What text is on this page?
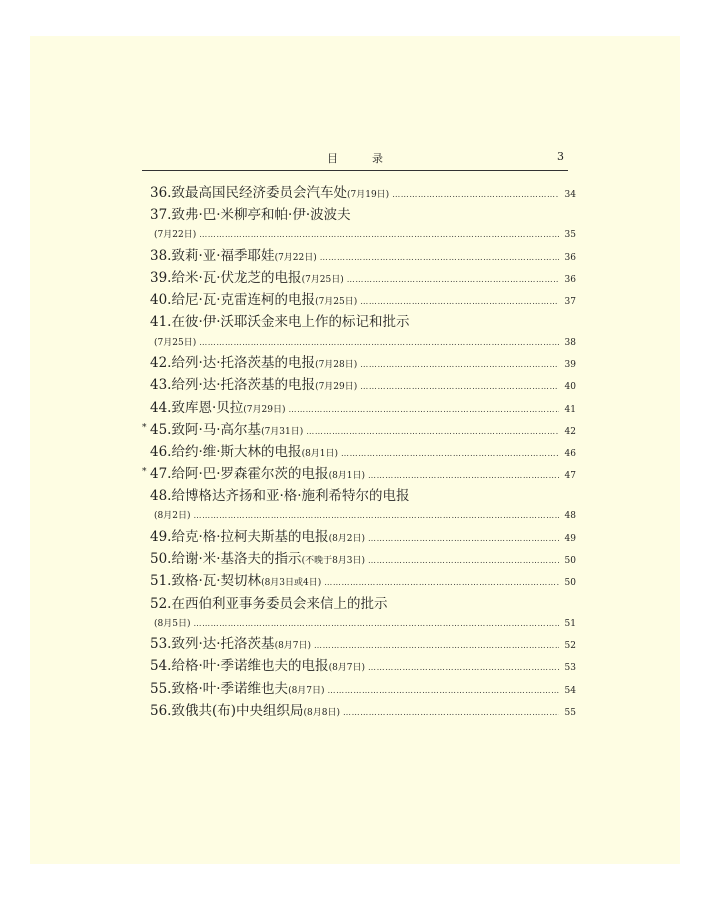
目录	3
36.致最高国民经济委员会汽车处 (7月19日) …………………………………………………………………………………………………………………………………………………………	34
37.致弗·巴·米柳亭和帕·伊·波波夫
(7月22日) …………………………………………………………………………………………………………………………………………………………	35
38.致莉·亚·福季耶娃 (7月22日) …………………………………………………………………………………………………………………………………………………………	36
39.给米·瓦·伏龙芝的电报 (7月25日) …………………………………………………………………………………………………………………………………………………………	36
40.给尼·瓦·克雷连柯的电报 (7月25日) …………………………………………………………………………………………………………………………………………………………	37
41.在彼·伊·沃耶沃金来电上作的标记和批示
(7月25日) …………………………………………………………………………………………………………………………………………………………	38
42.给列·达·托洛茨基的电报 (7月28日) …………………………………………………………………………………………………………………………………………………………	39
43.给列·达·托洛茨基的电报 (7月29日) …………………………………………………………………………………………………………………………………………………………	40
44.致库恩·贝拉 (7月29日) …………………………………………………………………………………………………………………………………………………………	41
* 45.致阿·马·高尔基 (7月31日) …………………………………………………………………………………………………………………………………………………………	42
46.给约·维·斯大林的电报 (8月1日) …………………………………………………………………………………………………………………………………………………………	46
* 47.给阿·巴·罗森霍尔茨的电报 (8月1日) …………………………………………………………………………………………………………………………………………………………	47
48.给博格达齐扬和亚·格·施利希特尔的电报
(8月2日) …………………………………………………………………………………………………………………………………………………………	48
49.给克·格·拉柯夫斯基的电报 (8月2日) …………………………………………………………………………………………………………………………………………………………	49
50.给谢·米·基洛夫的指示 (不晚于8月3日) …………………………………………………………………………………………………………………………………………………………	50
51.致格·瓦·契切林 (8月3日或4日) …………………………………………………………………………………………………………………………………………………………	50
52.在西伯利亚事务委员会来信上的批示
(8月5日) …………………………………………………………………………………………………………………………………………………………	51
53.致列·达·托洛茨基 (8月7日) …………………………………………………………………………………………………………………………………………………………	52
54.给格·叶·季诺维也夫的电报 (8月7日) …………………………………………………………………………………………………………………………………………………………	53
55.致格·叶·季诺维也夫 (8月7日) …………………………………………………………………………………………………………………………………………………………	54
56.致俄共(布)中央组织局 (8月8日) …………………………………………………………………………………………………………………………………………………………	55
